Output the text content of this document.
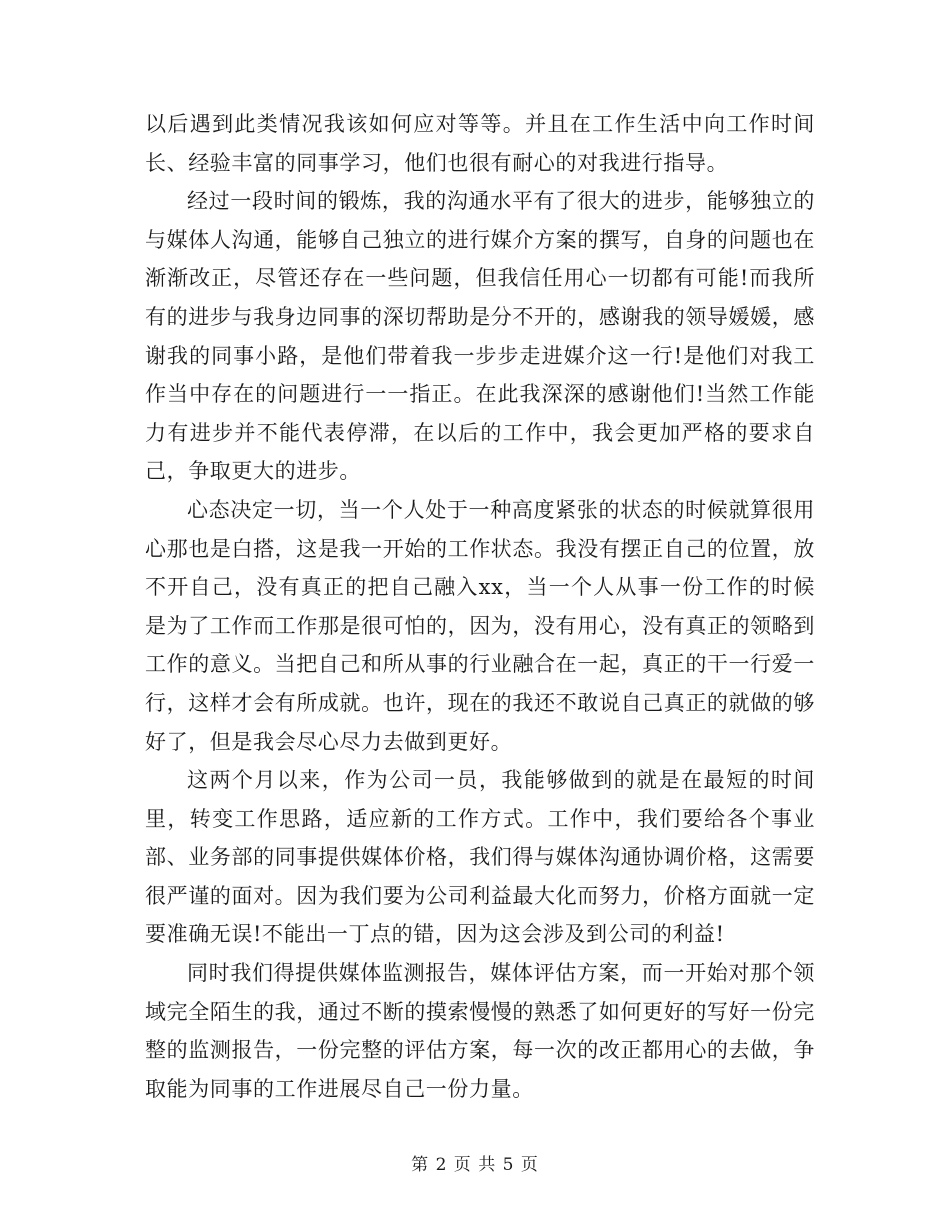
以后遇到此类情况我该如何应对等等。并且在工作生活中向工作时间长、经验丰富的同事学习，他们也很有耐心的对我进行指导。

经过一段时间的锻炼，我的沟通水平有了很大的进步，能够独立的与媒体人沟通，能够自己独立的进行媒介方案的撰写，自身的问题也在渐渐改正，尽管还存在一些问题，但我信任用心一切都有可能!而我所有的进步与我身边同事的深切帮助是分不开的，感谢我的领导媛媛，感谢我的同事小路，是他们带着我一步步走进媒介这一行!是他们对我工作当中存在的问题进行一一指正。在此我深深的感谢他们!当然工作能力有进步并不能代表停滞，在以后的工作中，我会更加严格的要求自己，争取更大的进步。

心态决定一切，当一个人处于一种高度紧张的状态的时候就算很用心那也是白搭，这是我一开始的工作状态。我没有摆正自己的位置，放不开自己，没有真正的把自己融入xx，当一个人从事一份工作的时候是为了工作而工作那是很可怕的，因为，没有用心，没有真正的领略到工作的意义。当把自己和所从事的行业融合在一起，真正的干一行爱一行，这样才会有所成就。也许，现在的我还不敢说自己真正的就做的够好了，但是我会尽心尽力去做到更好。

这两个月以来，作为公司一员，我能够做到的就是在最短的时间里，转变工作思路，适应新的工作方式。工作中，我们要给各个事业部、业务部的同事提供媒体价格，我们得与媒体沟通协调价格，这需要很严谨的面对。因为我们要为公司利益最大化而努力，价格方面就一定要准确无误!不能出一丁点的错，因为这会涉及到公司的利益!

同时我们得提供媒体监测报告，媒体评估方案，而一开始对那个领域完全陌生的我，通过不断的摸索慢慢的熟悉了如何更好的写好一份完整的监测报告，一份完整的评估方案，每一次的改正都用心的去做，争取能为同事的工作进展尽自己一份力量。

第 2 页 共 5 页
